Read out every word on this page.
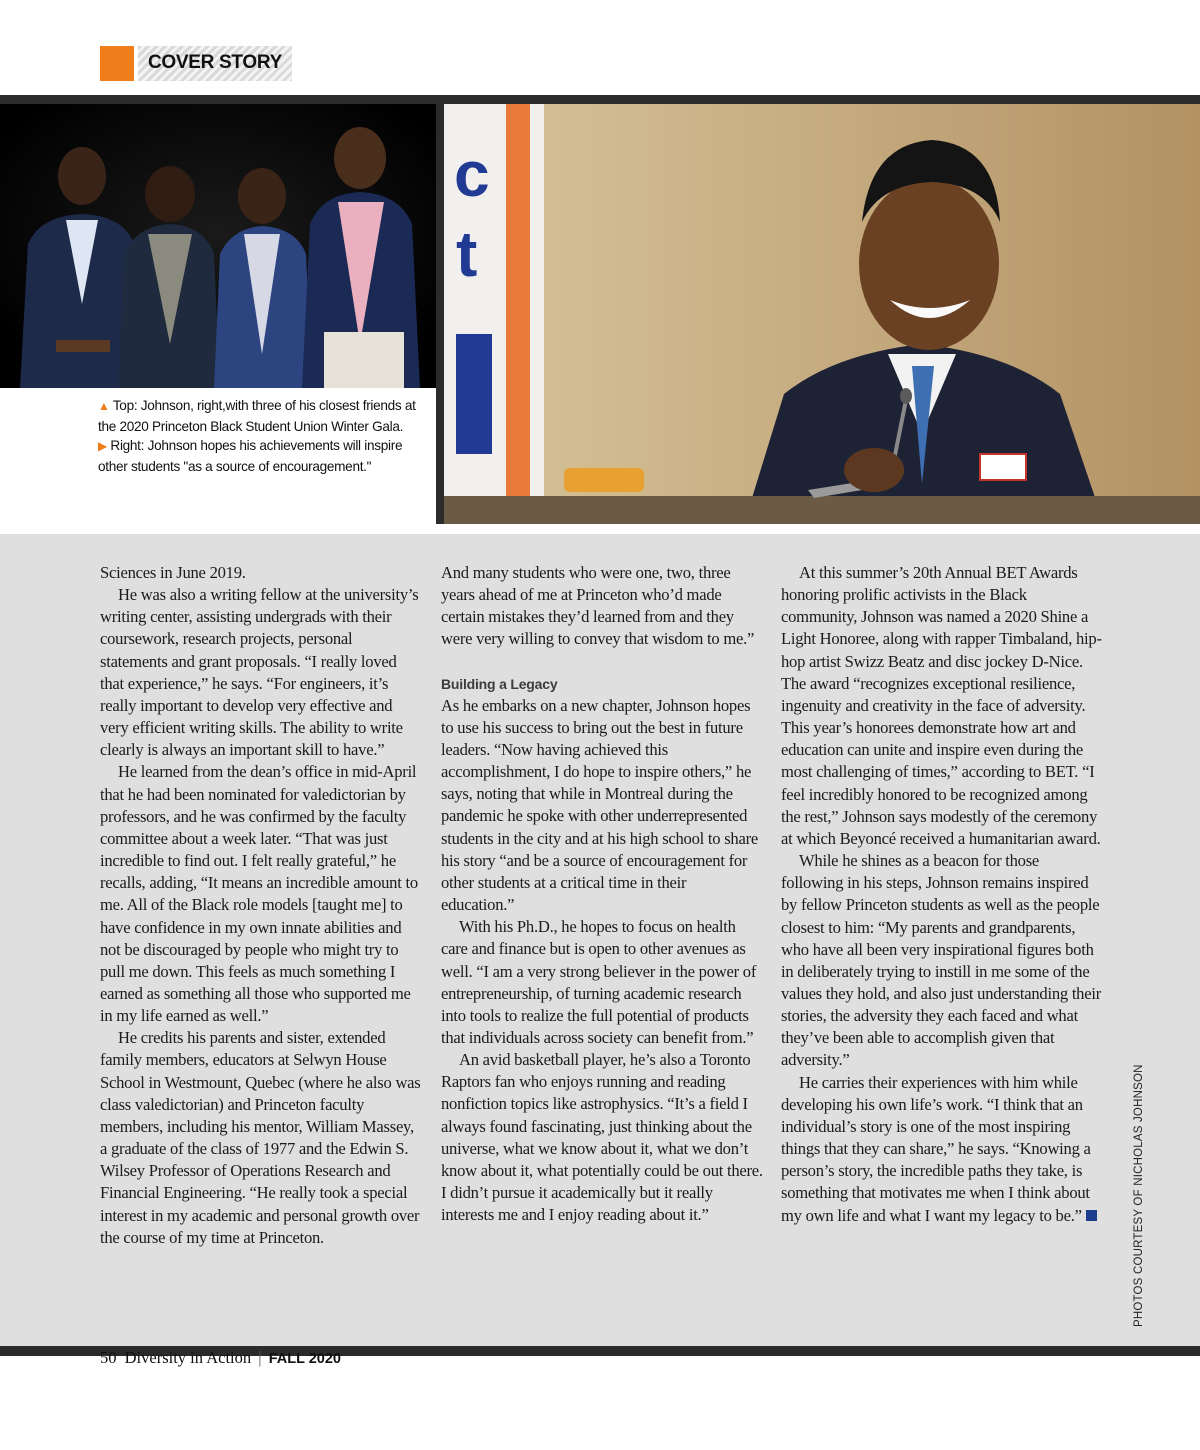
COVER STORY
c
t
▲ Top: Johnson, right,with three of his closest friends at the 2020 Princeton Black Student Union Winter Gala.
▶ Right: Johnson hopes his achievements will inspire other students "as a source of encouragement."

Sciences in June 2019.

He was also a writing fellow at the university’s writing center, assisting undergrads with their coursework, research projects, personal statements and grant proposals. “I really loved that experience,” he says. “For engineers, it’s really important to develop very effective and very efficient writing skills. The ability to write clearly is always an important skill to have.”

He learned from the dean’s office in mid-April that he had been nominated for valedictorian by professors, and he was confirmed by the faculty committee about a week later. “That was just incredible to find out. I felt really grateful,” he recalls, adding, “It means an incredible amount to me. All of the Black role models [taught me] to have confidence in my own innate abilities and not be discouraged by people who might try to pull me down. This feels as much something I earned as something all those who supported me in my life earned as well.”

He credits his parents and sister, extended family members, educators at Selwyn House School in Westmount, Quebec (where he also was class valedictorian) and Princeton faculty members, including his mentor, William Massey, a graduate of the class of 1977 and the Edwin S. Wilsey Professor of Operations Research and Financial Engineering. “He really took a special interest in my academic and personal growth over the course of my time at Princeton.

And many students who were one, two, three years ahead of me at Princeton who’d made certain mistakes they’d learned from and they were very willing to convey that wisdom to me.”

Building a Legacy

As he embarks on a new chapter, Johnson hopes to use his success to bring out the best in future leaders. “Now having achieved this accomplishment, I do hope to inspire others,” he says, noting that while in Montreal during the pandemic he spoke with other underrepresented students in the city and at his high school to share his story “and be a source of encouragement for other students at a critical time in their education.”

With his Ph.D., he hopes to focus on health care and finance but is open to other avenues as well. “I am a very strong believer in the power of entrepreneurship, of turning academic research into tools to realize the full potential of products that individuals across society can benefit from.”

An avid basketball player, he’s also a Toronto Raptors fan who enjoys running and reading nonfiction topics like astrophysics. “It’s a field I always found fascinating, just thinking about the universe, what we know about it, what we don’t know about it, what potentially could be out there. I didn’t pursue it academically but it really interests me and I enjoy reading about it.”

At this summer’s 20th Annual BET Awards honoring prolific activists in the Black community, Johnson was named a 2020 Shine a Light Honoree, along with rapper Timbaland, hip-hop artist Swizz Beatz and disc jockey D-Nice. The award “recognizes exceptional resilience, ingenuity and creativity in the face of adversity. This year’s honorees demonstrate how art and education can unite and inspire even during the most challenging of times,” according to BET. “I feel incredibly honored to be recognized among the rest,” Johnson says modestly of the ceremony at which Beyoncé received a humanitarian award.

While he shines as a beacon for those following in his steps, Johnson remains inspired by fellow Princeton students as well as the people closest to him: “My parents and grandparents, who have all been very inspirational figures both in deliberately trying to instill in me some of the values they hold, and also just understanding their stories, the adversity they each faced and what they’ve been able to accomplish given that adversity.”

He carries their experiences with him while developing his own life’s work. “I think that an individual’s story is one of the most inspiring things that they can share,” he says. “Knowing a person’s story, the incredible paths they take, is something that motivates me when I think about my own life and what I want my legacy to be.”	PHOTOS COURTESY OF NICHOLAS JOHNSON
50 Diversity in Action | FALL 2020
